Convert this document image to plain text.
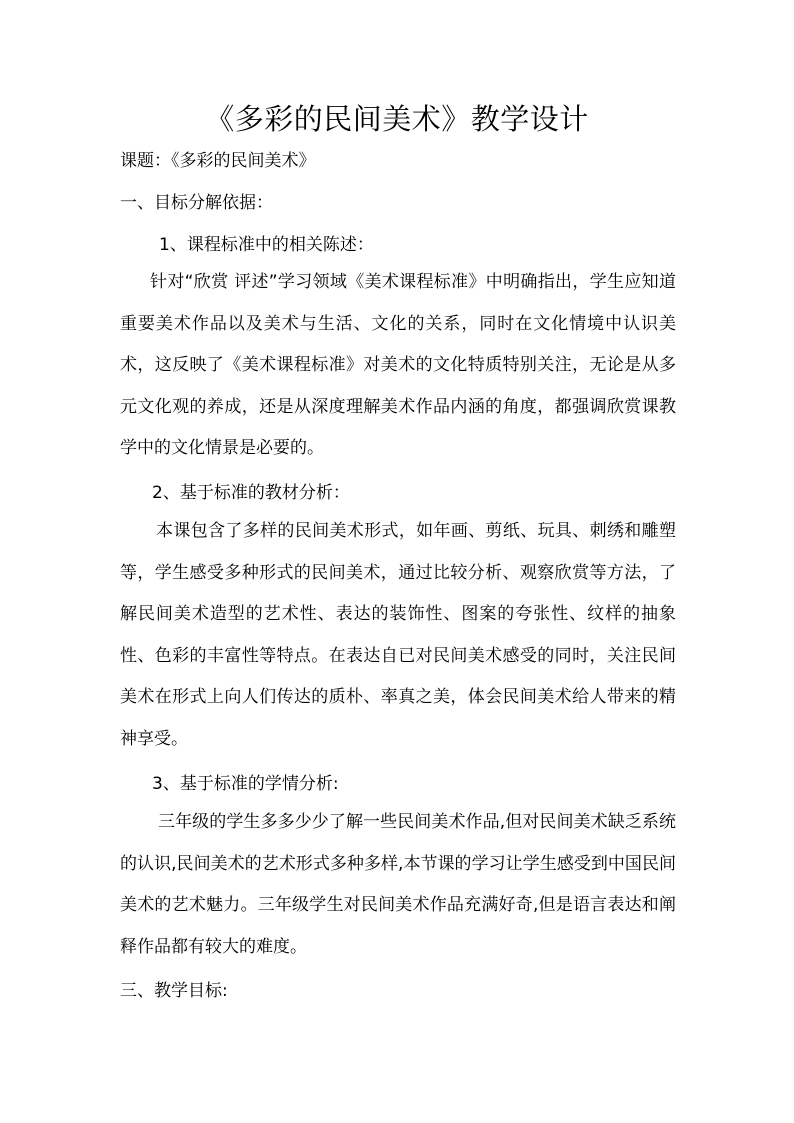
《多彩的民间美术》教学设计
课题：《多彩的民间美术》
一、目标分解依据：
1、课程标准中的相关陈述：
针对“欣赏 评述”学习领域《美术课程标准》中明确指出，学生应知道重要美术作品以及美术与生活、文化的关系，同时在文化情境中认识美术，这反映了《美术课程标准》对美术的文化特质特别关注，无论是从多元文化观的养成，还是从深度理解美术作品内涵的角度，都强调欣赏课教学中的文化情景是必要的。
2、基于标准的教材分析：
本课包含了多样的民间美术形式，如年画、剪纸、玩具、刺绣和雕塑等，学生感受多种形式的民间美术，通过比较分析、观察欣赏等方法，了解民间美术造型的艺术性、表达的装饰性、图案的夸张性、纹样的抽象性、色彩的丰富性等特点。在表达自已对民间美术感受的同时，关注民间美术在形式上向人们传达的质朴、率真之美，体会民间美术给人带来的精神享受。
3、基于标准的学情分析:
三年级的学生多多少少了解一些民间美术作品,但对民间美术缺乏系统的认识,民间美术的艺术形式多种多样,本节课的学习让学生感受到中国民间美术的艺术魅力。三年级学生对民间美术作品充满好奇,但是语言表达和阐释作品都有较大的难度。
三、教学目标:
